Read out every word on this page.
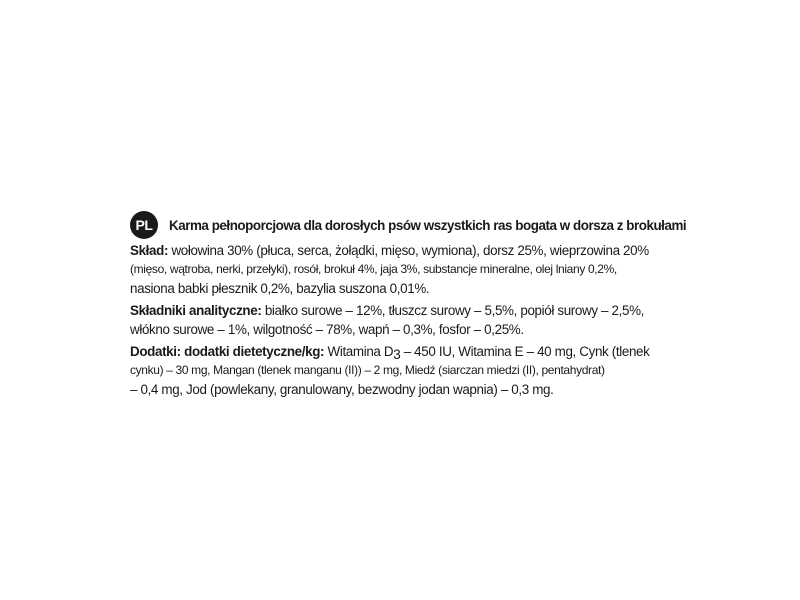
PL	Karma pełnoporcjowa dla dorosłych psów wszystkich ras bogata w dorsza z brokułami

Skład: wołowina 30% (płuca, serca, żołądki, mięso, wymiona), dorsz 25%, wieprzowina 20%
(mięso, wątroba, nerki, przełyki), rosół, brokuł 4%, jaja 3%, substancje mineralne, olej lniany 0,2%,
nasiona babki płesznik 0,2%, bazylia suszona 0,01%.

Składniki analityczne: białko surowe – 12%, tłuszcz surowy – 5,5%, popiół surowy – 2,5%,
włókno surowe – 1%, wilgotność – 78%, wapń – 0,3%, fosfor – 0,25%.

Dodatki: dodatki dietetyczne/kg: Witamina D3 – 450 IU, Witamina E – 40 mg, Cynk (tlenek
cynku) – 30 mg, Mangan (tlenek manganu (II)) – 2 mg, Miedź (siarczan miedzi (II), pentahydrat)
– 0,4 mg, Jod (powlekany, granulowany, bezwodny jodan wapnia) – 0,3 mg.
